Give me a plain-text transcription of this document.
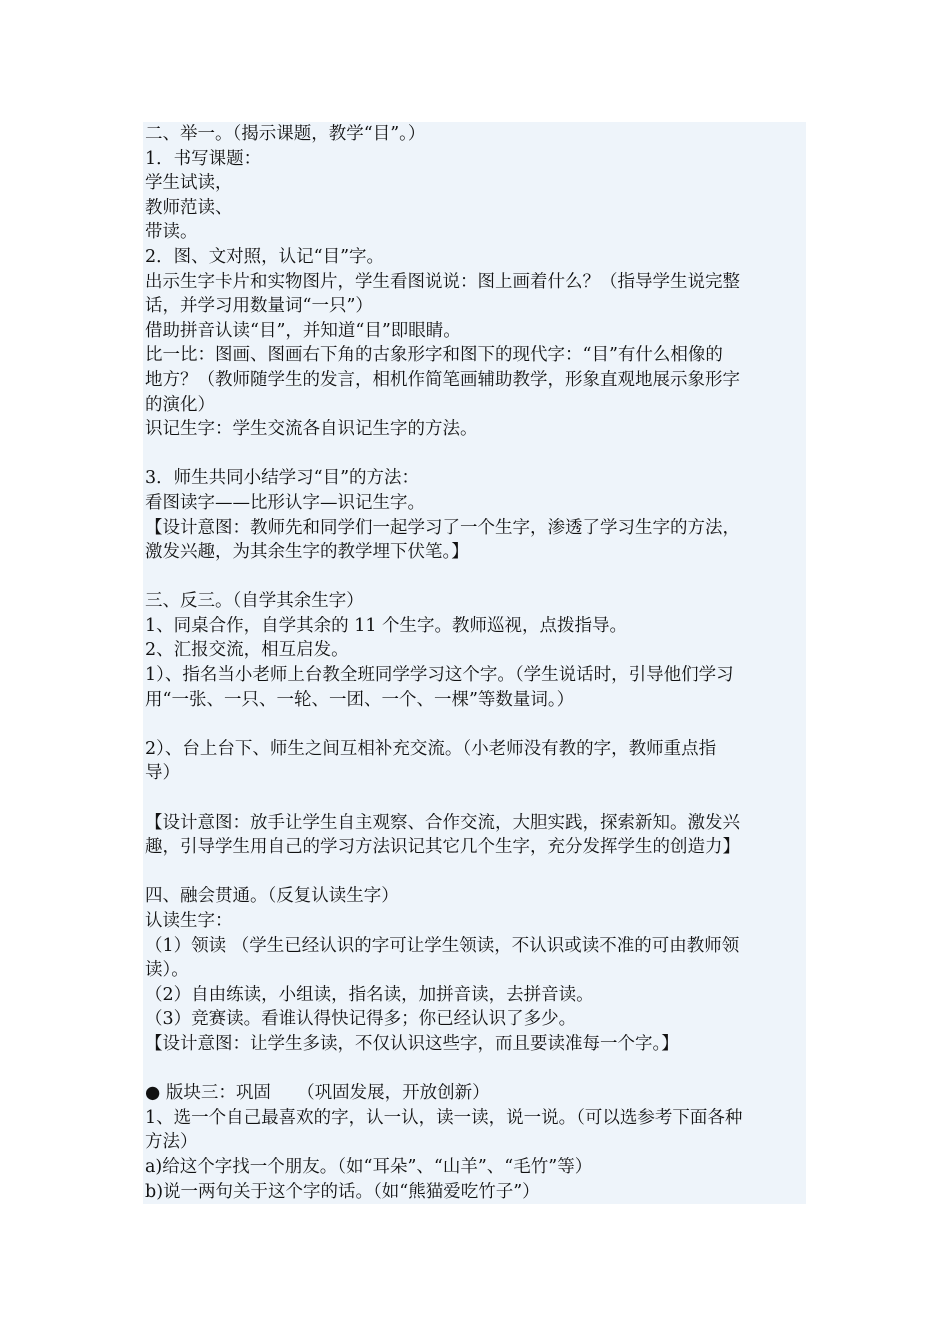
二、举一。（揭示课题，教学“目”。）
1．书写课题：
学生试读，
教师范读、
带读。
2．图、文对照，认记“目”字。
出示生字卡片和实物图片，学生看图说说：图上画着什么？（指导学生说完整
话，并学习用数量词“一只”）
借助拼音认读“目”，并知道“目”即眼睛。
比一比：图画、图画右下角的古象形字和图下的现代字：“目”有什么相像的
地方？（教师随学生的发言，相机作简笔画辅助教学，形象直观地展示象形字
的演化）
识记生字：学生交流各自识记生字的方法。
3．师生共同小结学习“目”的方法：
看图读字——比形认字—识记生字。
【设计意图：教师先和同学们一起学习了一个生字，渗透了学习生字的方法，
激发兴趣，为其余生字的教学埋下伏笔。】
三、反三。（自学其余生字）
1、同桌合作，自学其余的 11 个生字。教师巡视，点拨指导。
2、汇报交流，相互启发。
1）、指名当小老师上台教全班同学学习这个字。（学生说话时，引导他们学习
用“一张、一只、一轮、一团、一个、一棵”等数量词。）
2）、台上台下、师生之间互相补充交流。（小老师没有教的字，教师重点指
导）
【设计意图：放手让学生自主观察、合作交流，大胆实践，探索新知。激发兴
趣，引导学生用自己的学习方法识记其它几个生字，充分发挥学生的创造力】
四、融会贯通。（反复认读生字）
认读生字：
（1）领读 （学生已经认识的字可让学生领读，不认识或读不准的可由教师领
读）。
（2）自由练读，小组读，指名读，加拼音读，去拼音读。
（3）竞赛读。看谁认得快记得多；你已经认识了多少。
【设计意图：让学生多读，不仅认识这些字，而且要读准每一个字。】
● 版块三：巩固　　（巩固发展，开放创新）
1、选一个自己最喜欢的字，认一认，读一读，说一说。（可以选参考下面各种
方法）
a)给这个字找一个朋友。（如“耳朵”、“山羊”、“毛竹”等）
b)说一两句关于这个字的话。（如“熊猫爱吃竹子”）
